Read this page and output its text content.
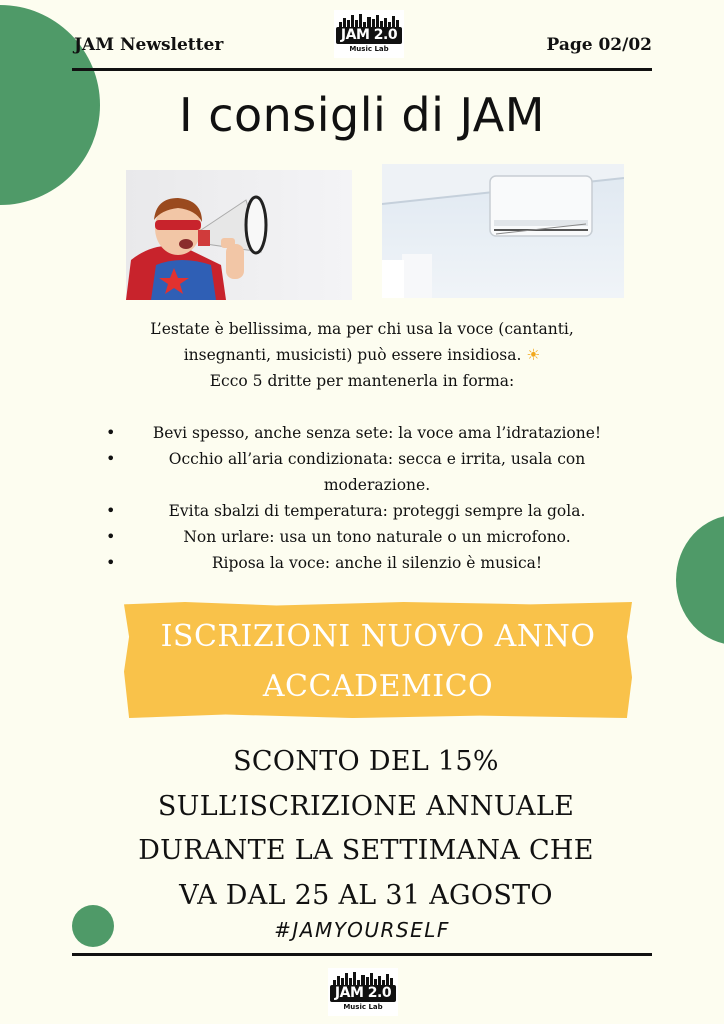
JAM Newsletter	Page 02/02
JAM 2.0
Music Lab
I consigli di JAM

L’estate è bellissima, ma per chi usa la voce (cantanti,

insegnanti, musicisti) può essere insidiosa. ☀

Ecco 5 dritte per mantenerla in forma:

• Bevi spesso, anche senza sete: la voce ama l’idratazione!
• Occhio all’aria condizionata: secca e irrita, usala con moderazione.
• Evita sbalzi di temperatura: proteggi sempre la gola.
• Non urlare: usa un tono naturale o un microfono.
• Riposa la voce: anche il silenzio è musica!
ISCRIZIONI NUOVO ANNO
ACCADEMICO

SCONTO DEL 15%

SULL’ISCRIZIONE ANNUALE

DURANTE LA SETTIMANA CHE

VA DAL 25 AL 31 AGOSTO

#JAMYOURSELF
JAM 2.0
Music Lab
